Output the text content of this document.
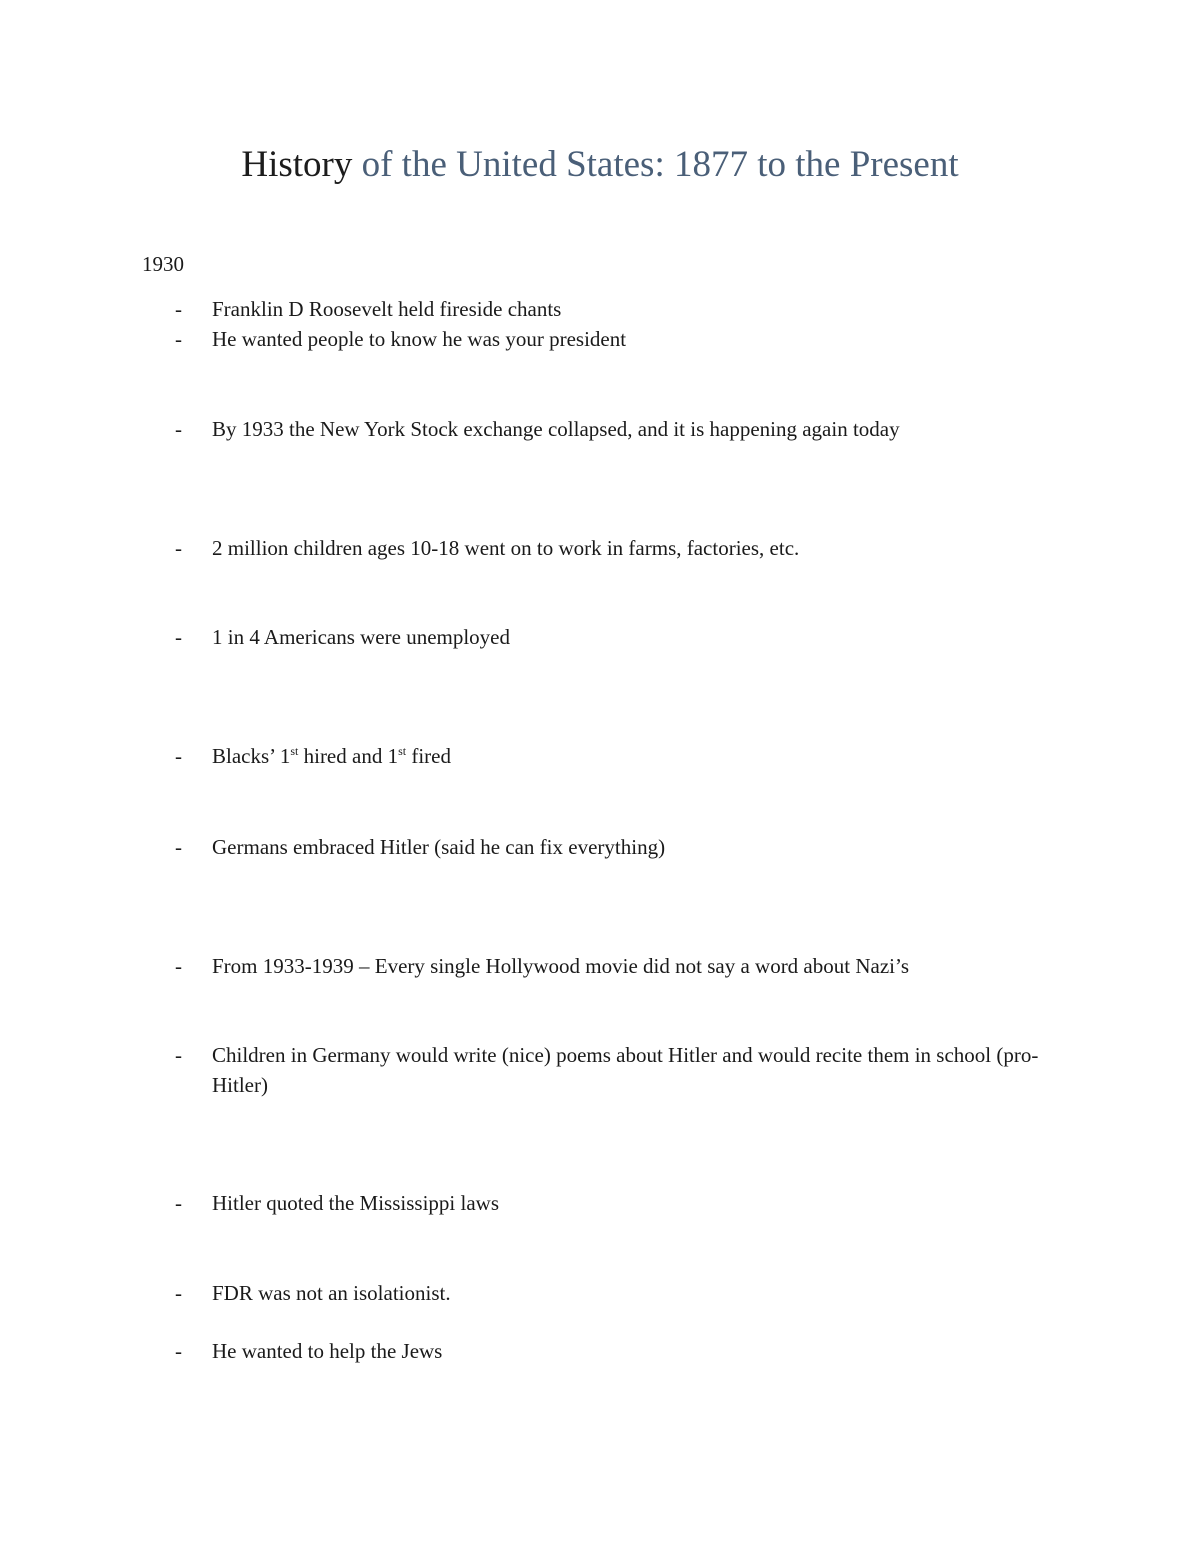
History of the United States: 1877 to the Present
1930
-	Franklin D Roosevelt held fireside chants
-	He wanted people to know he was your president
-	By 1933 the New York Stock exchange collapsed, and it is happening again today
-	2 million children ages 10-18 went on to work in farms, factories, etc.
-	1 in 4 Americans were unemployed
-	Blacks’ 1st hired and 1st fired
-	Germans embraced Hitler (said he can fix everything)
-	From 1933-1939 – Every single Hollywood movie did not say a word about Nazi’s
-	Children in Germany would write (nice) poems about Hitler and would recite them in school (pro-Hitler)
-	Hitler quoted the Mississippi laws
-	FDR was not an isolationist.
-	He wanted to help the Jews
